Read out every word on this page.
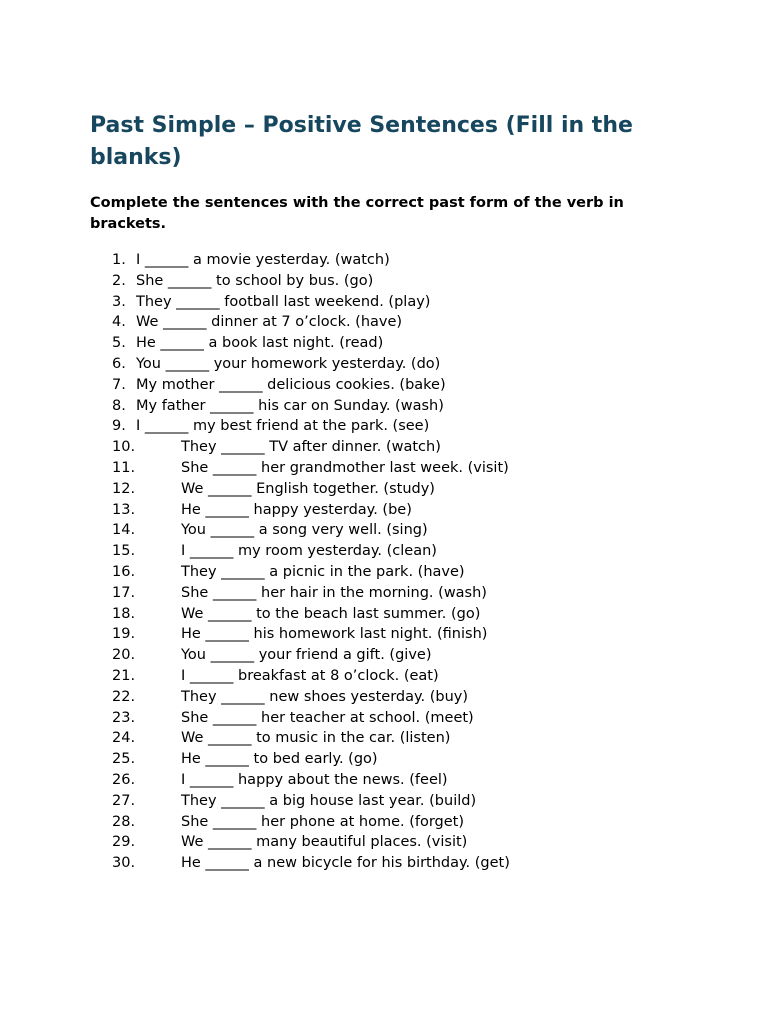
Past Simple – Positive Sentences (Fill in the blanks)

Complete the sentences with the correct past form of the verb in brackets.

1. I ______ a movie yesterday. (watch)
2. She ______ to school by bus. (go)
3. They ______ football last weekend. (play)
4. We ______ dinner at 7 o’clock. (have)
5. He ______ a book last night. (read)
6. You ______ your homework yesterday. (do)
7. My mother ______ delicious cookies. (bake)
8. My father ______ his car on Sunday. (wash)
9. I ______ my best friend at the park. (see)
10.	They ______ TV after dinner. (watch)
11.	She ______ her grandmother last week. (visit)
12.	We ______ English together. (study)
13.	He ______ happy yesterday. (be)
14.	You ______ a song very well. (sing)
15.	I ______ my room yesterday. (clean)
16.	They ______ a picnic in the park. (have)
17.	She ______ her hair in the morning. (wash)
18.	We ______ to the beach last summer. (go)
19.	He ______ his homework last night. (finish)
20.	You ______ your friend a gift. (give)
21.	I ______ breakfast at 8 o’clock. (eat)
22.	They ______ new shoes yesterday. (buy)
23.	She ______ her teacher at school. (meet)
24.	We ______ to music in the car. (listen)
25.	He ______ to bed early. (go)
26.	I ______ happy about the news. (feel)
27.	They ______ a big house last year. (build)
28.	She ______ her phone at home. (forget)
29.	We ______ many beautiful places. (visit)
30.	He ______ a new bicycle for his birthday. (get)
